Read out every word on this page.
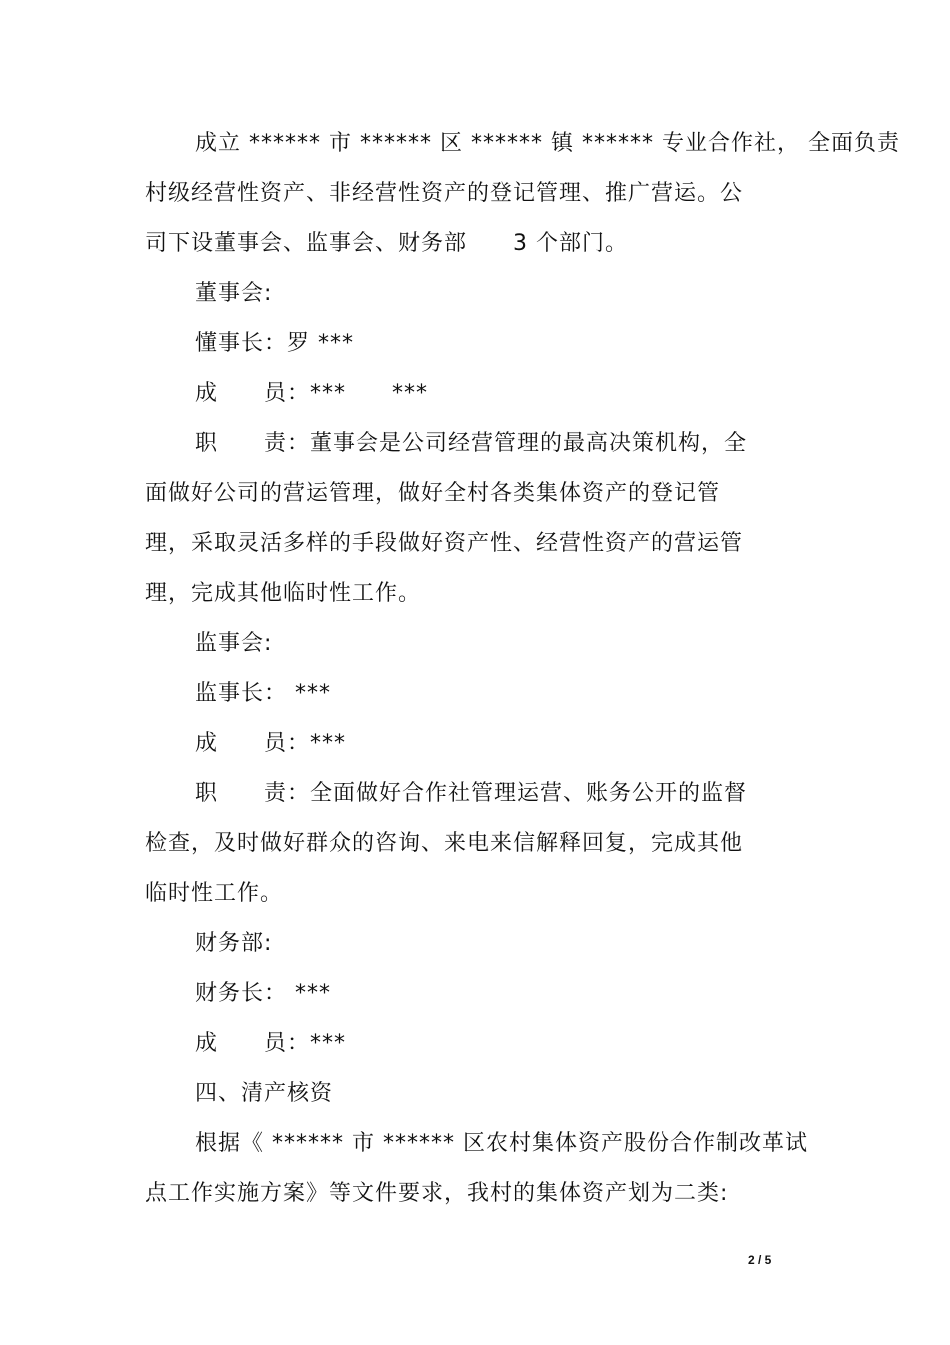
成立 ****** 市 ****** 区 ****** 镇 ****** 专业合作社， 全面负责
村级经营性资产、非经营性资产的登记管理、推广营运。公
司下设董事会、监事会、财务部　　3 个部门。
董事会:
懂事长：罗 ***
成　　员：***　　***
职　　责：董事会是公司经营管理的最高决策机构，全
面做好公司的营运管理，做好全村各类集体资产的登记管
理，采取灵活多样的手段做好资产性、经营性资产的营运管
理，完成其他临时性工作。
监事会:
监事长： ***
成　　员：***
职　　责：全面做好合作社管理运营、账务公开的监督
检查，及时做好群众的咨询、来电来信解释回复，完成其他
临时性工作。
财务部:
财务长： ***
成　　员：***
四、清产核资
根据《 ****** 市 ****** 区农村集体资产股份合作制改革试
点工作实施方案》等文件要求，我村的集体资产划为二类:
2 / 5
